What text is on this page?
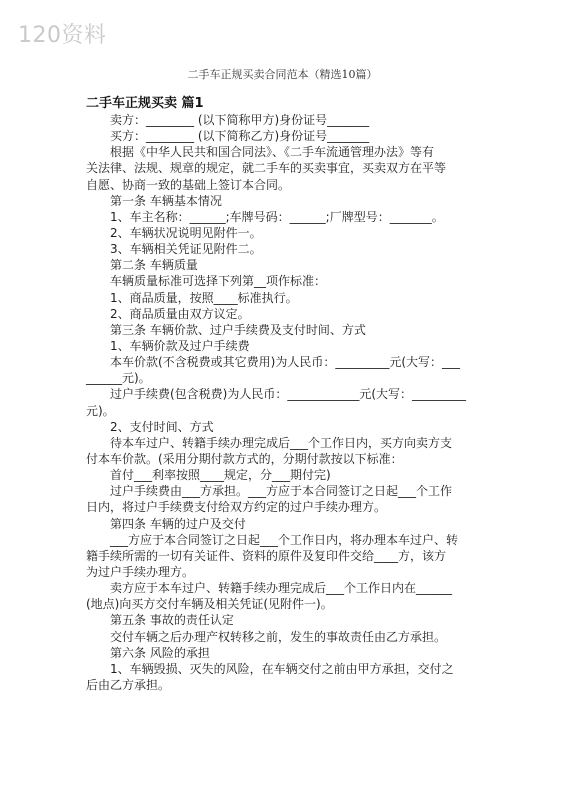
120资料
二手车正规买卖合同范本（精选10篇）
二手车正规买卖 篇1
卖方：________ (以下简称甲方)身份证号_______
买方：________ (以下简称乙方)身份证号_______
根据《中华人民共和国合同法》、《二手车流通管理办法》等有
关法律、法规、规章的规定，就二手车的买卖事宜，买卖双方在平等
自愿、协商一致的基础上签订本合同。
第一条 车辆基本情况
1、车主名称：______;车牌号码：______;厂牌型号：_______。
2、车辆状况说明见附件一。
3、车辆相关凭证见附件二。
第二条 车辆质量
车辆质量标准可选择下列第__项作标准：
1、商品质量，按照____标准执行。
2、商品质量由双方议定。
第三条 车辆价款、过户手续费及支付时间、方式
1、车辆价款及过户手续费
本车价款(不含税费或其它费用)为人民币：_________元(大写：___
______元)。
过户手续费(包含税费)为人民币：____________元(大写：_________
元)。
2、支付时间、方式
待本车过户、转籍手续办理完成后___个工作日内，买方向卖方支
付本车价款。(采用分期付款方式的，分期付款按以下标准：
首付___利率按照____规定，分___期付完)
过户手续费由___方承担。___方应于本合同签订之日起___个工作
日内，将过户手续费支付给双方约定的过户手续办理方。
第四条 车辆的过户及交付
___方应于本合同签订之日起___个工作日内，将办理本车过户、转
籍手续所需的一切有关证件、资料的原件及复印件交给____方，该方
为过户手续办理方。
卖方应于本车过户、转籍手续办理完成后___个工作日内在______
(地点)向买方交付车辆及相关凭证(见附件一)。
第五条 事故的责任认定
交付车辆之后办理产权转移之前，发生的事故责任由乙方承担。
第六条 风险的承担
1、车辆毁损、灭失的风险，在车辆交付之前由甲方承担，交付之
后由乙方承担。
